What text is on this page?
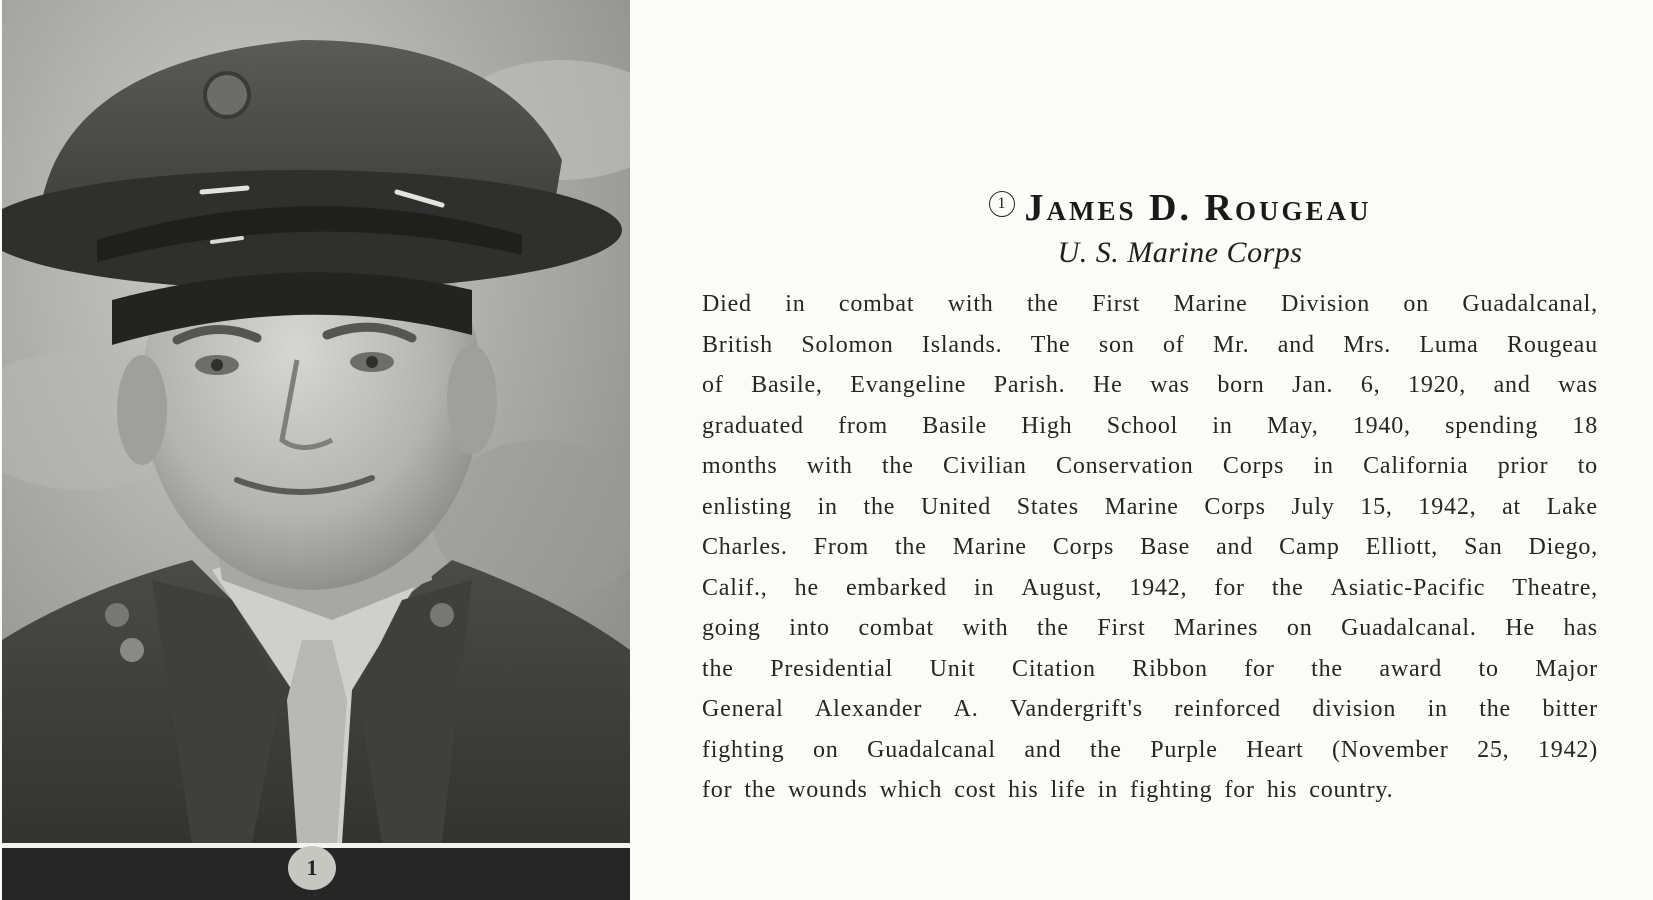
1
1 James D. Rougeau
U. S. Marine Corps
Died in combat with the First Marine Division on Guadalcanal,
British Solomon Islands. The son of Mr. and Mrs. Luma Rougeau
of Basile, Evangeline Parish. He was born Jan. 6, 1920, and was
graduated from Basile High School in May, 1940, spending 18
months with the Civilian Conservation Corps in California prior to
enlisting in the United States Marine Corps July 15, 1942, at Lake
Charles. From the Marine Corps Base and Camp Elliott, San Diego,
Calif., he embarked in August, 1942, for the Asiatic-Pacific Theatre,
going into combat with the First Marines on Guadalcanal. He has
the Presidential Unit Citation Ribbon for the award to Major
General Alexander A. Vandergrift's reinforced division in the bitter
fighting on Guadalcanal and the Purple Heart (November 25, 1942)
for the wounds which cost his life in fighting for his country.
